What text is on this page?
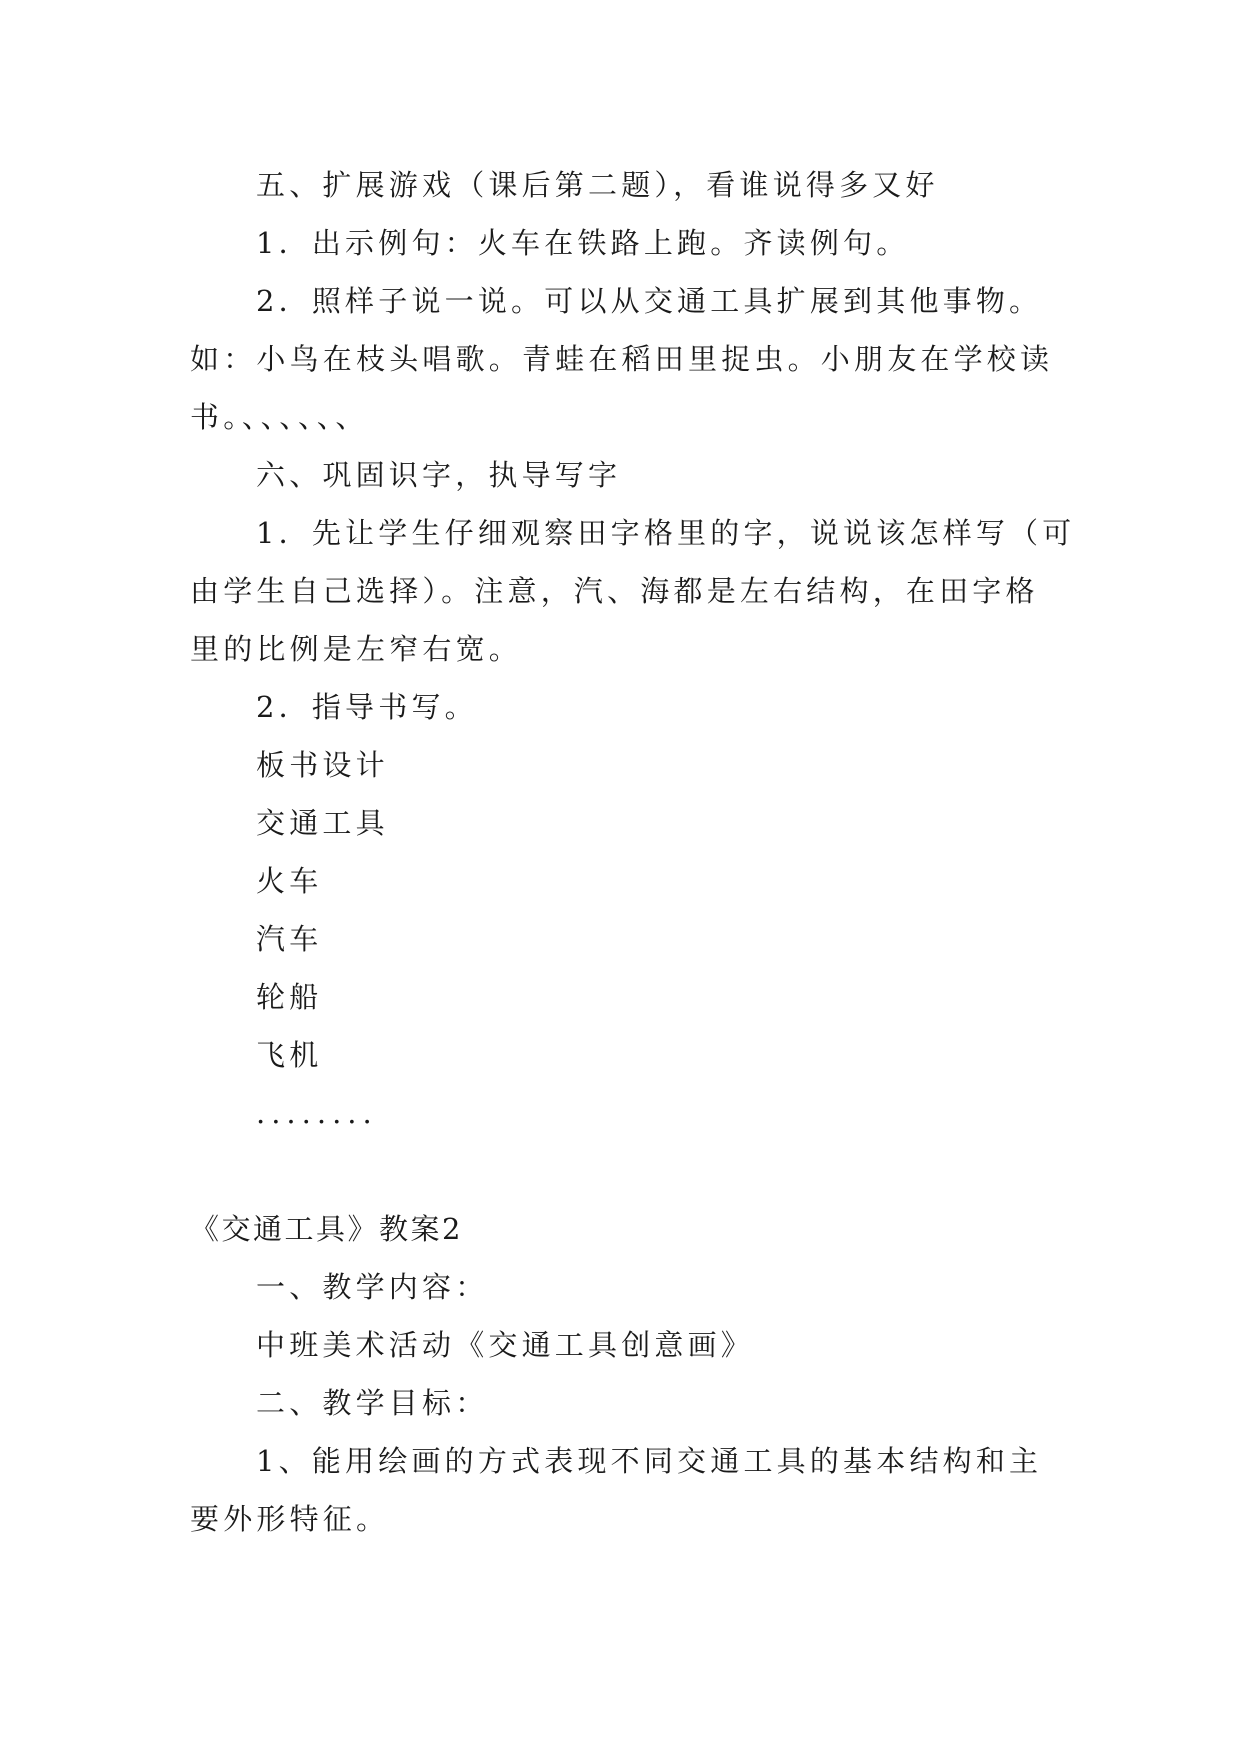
五、扩展游戏（课后第二题），看谁说得多又好
1．出示例句：火车在铁路上跑。齐读例句。
2．照样子说一说。可以从交通工具扩展到其他事物。
如：小鸟在枝头唱歌。青蛙在稻田里捉虫。小朋友在学校读
书。、、、、、、
六、巩固识字，执导写字
1．先让学生仔细观察田字格里的字，说说该怎样写（可
由学生自己选择）。注意，汽、海都是左右结构，在田字格
里的比例是左窄右宽。
2．指导书写。
板书设计
交通工具
火车
汽车
轮船
飞机
........
《交通工具》教案2
一、教学内容：
中班美术活动《交通工具创意画》
二、教学目标：
1、能用绘画的方式表现不同交通工具的基本结构和主
要外形特征。
